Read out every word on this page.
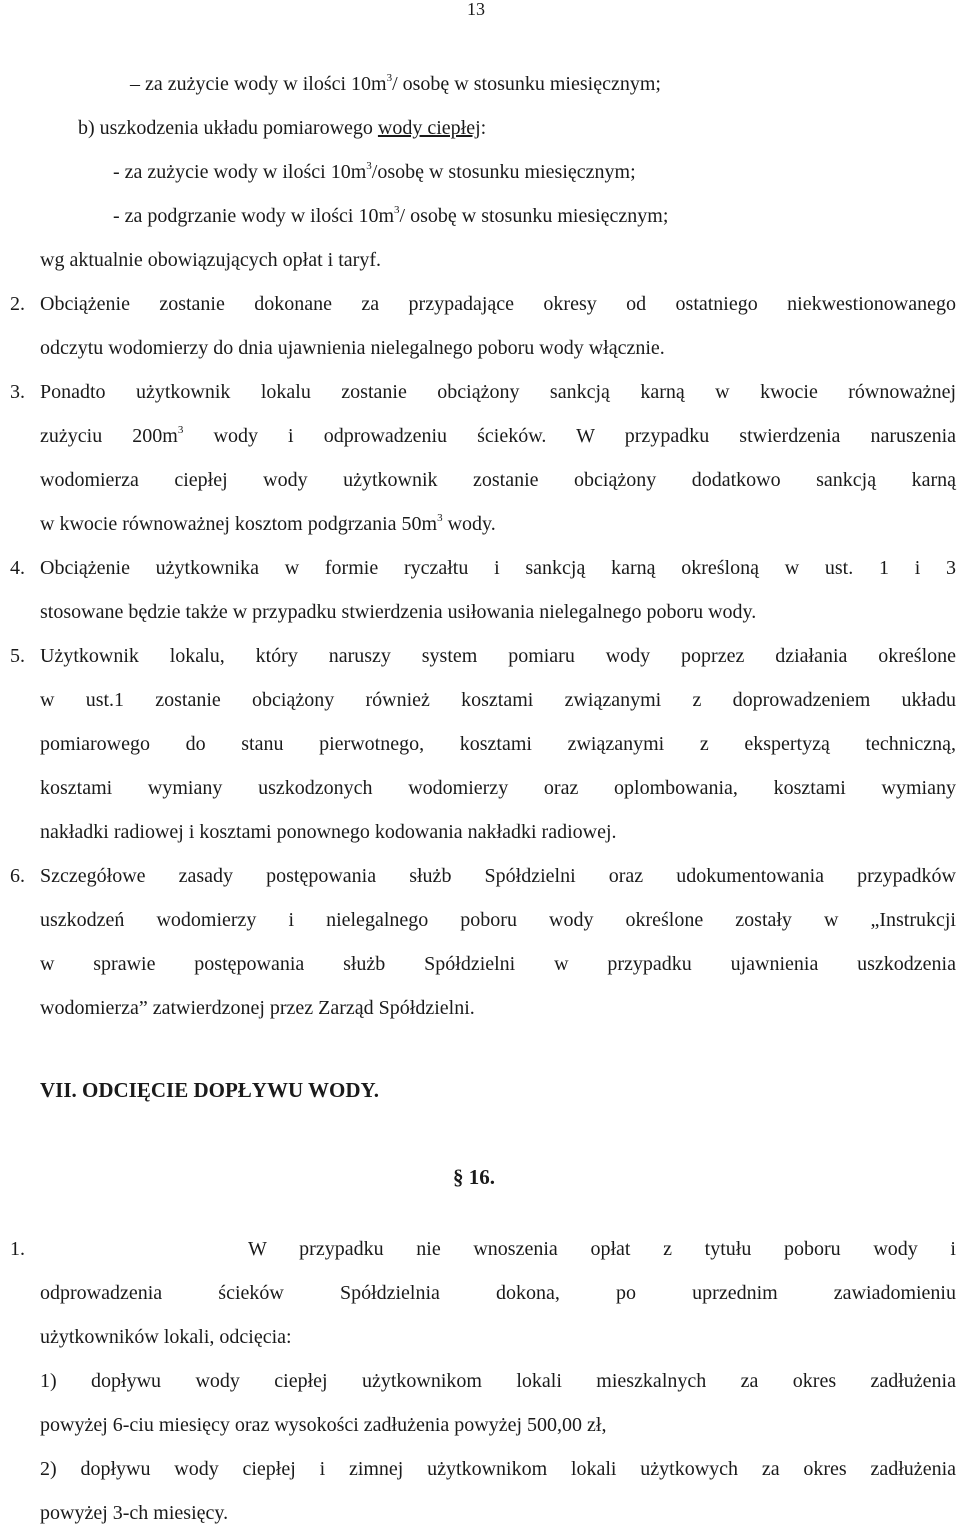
13
– za zużycie wody w ilości $10m^3/$ osobę w stosunku miesięcznym;
b) uszkodzenia układu pomiarowego wody ciepłej:
- za zużycie wody w ilości $10m^3$/osobę w stosunku miesięcznym;
- za podgrzanie wody w ilości $10m^3/$ osobę w stosunku miesięcznym;
wg aktualnie obowiązujących opłat i taryf.
2. Obciążenie zostanie dokonane za przypadające okresy od ostatniego niekwestionowanego
odczytu wodomierzy do dnia ujawnienia nielegalnego poboru wody włącznie.
3. Ponadto użytkownik lokalu zostanie obciążony sankcją karną w kwocie równoważnej
zużyciu $200m^3$ wody i odprowadzeniu ścieków. W przypadku stwierdzenia naruszenia
wodomierza ciepłej wody użytkownik zostanie obciążony dodatkowo sankcją karną
w kwocie równoważnej kosztom podgrzania $50m^3$ wody.
4. Obciążenie użytkownika w formie ryczałtu i sankcją karną określoną w ust. 1 i 3
stosowane będzie także w przypadku stwierdzenia usiłowania nielegalnego poboru wody.
5. Użytkownik lokalu, który naruszy system pomiaru wody poprzez działania określone
w ust.1 zostanie obciążony również kosztami związanymi z doprowadzeniem układu
pomiarowego do stanu pierwotnego, kosztami związanymi z ekspertyzą techniczną,
kosztami wymiany uszkodzonych wodomierzy oraz oplombowania, kosztami wymiany
nakładki radiowej i kosztami ponownego kodowania nakładki radiowej.
6. Szczegółowe zasady postępowania służb Spółdzielni oraz udokumentowania przypadków
uszkodzeń wodomierzy i nielegalnego poboru wody określone zostały w „Instrukcji
w sprawie postępowania służb Spółdzielni w przypadku ujawnienia uszkodzenia
wodomierza” zatwierdzonej przez Zarząd Spółdzielni.
VII. ODCIĘCIE DOPŁYWU WODY.
§ 16.
1.	W przypadku nie wnoszenia opłat z tytułu poboru wody i
odprowadzenia ścieków Spółdzielnia dokona, po uprzednim zawiadomieniu
użytkowników lokali, odcięcia:
1) dopływu wody ciepłej użytkownikom lokali mieszkalnych za okres zadłużenia
powyżej 6-ciu miesięcy oraz wysokości zadłużenia powyżej 500,00 zł,
2) dopływu wody ciepłej i zimnej użytkownikom lokali użytkowych za okres zadłużenia
powyżej 3-ch miesięcy.
